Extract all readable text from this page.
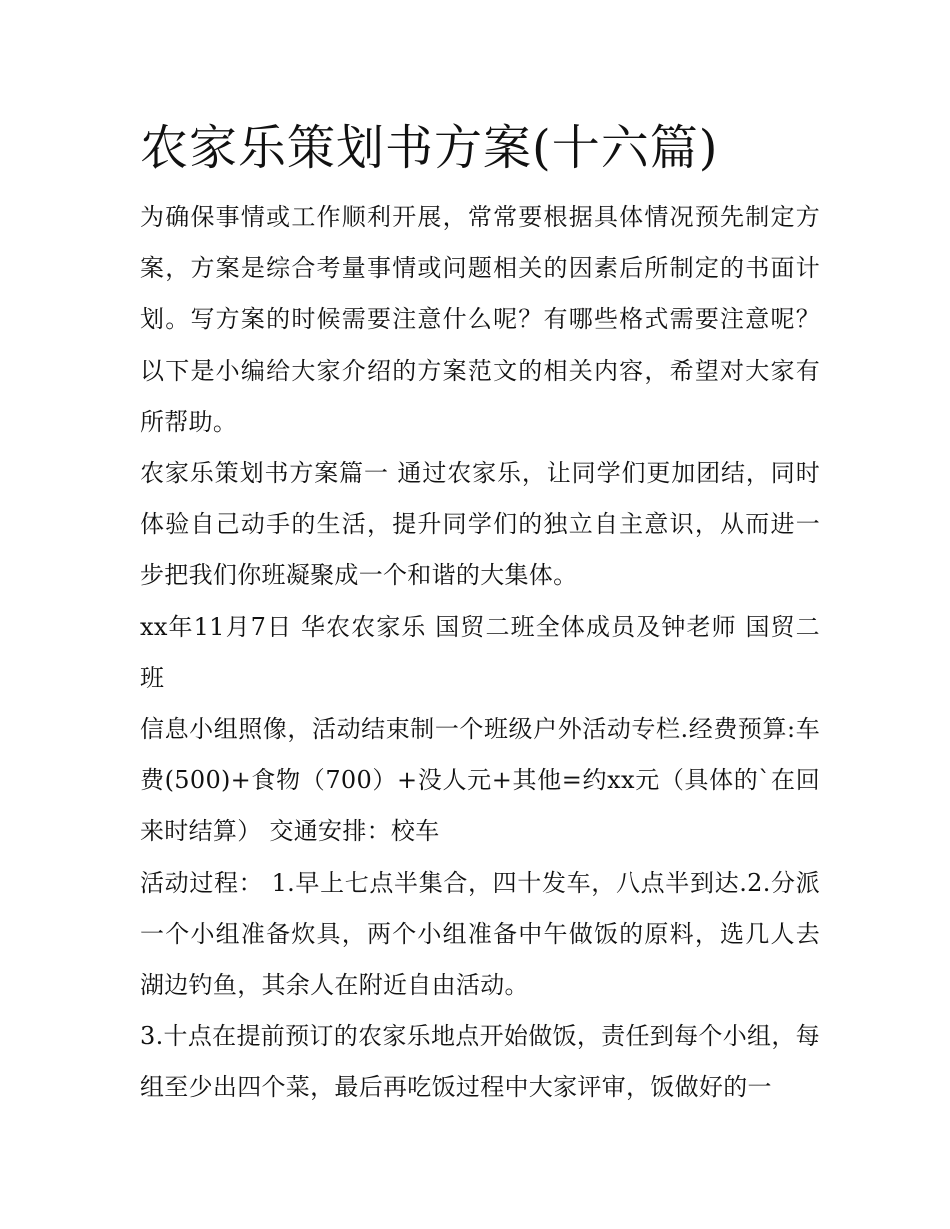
农家乐策划书方案(十六篇)

为确保事情或工作顺利开展，常常要根据具体情况预先制定方案，方案是综合考量事情或问题相关的因素后所制定的书面计划。写方案的时候需要注意什么呢？有哪些格式需要注意呢？以下是小编给大家介绍的方案范文的相关内容，希望对大家有所帮助。

农家乐策划书方案篇一 通过农家乐，让同学们更加团结，同时体验自己动手的生活，提升同学们的独立自主意识，从而进一步把我们你班凝聚成一个和谐的大集体。

xx年11月7日 华农农家乐 国贸二班全体成员及钟老师 国贸二班

信息小组照像，活动结束制一个班级户外活动专栏.经费预算:车费(500)+食物（700）+没人元+其他=约xx元（具体的`在回来时结算） 交通安排：校车

活动过程： 1.早上七点半集合，四十发车，八点半到达.2.分派一个小组准备炊具，两个小组准备中午做饭的原料，选几人去湖边钓鱼，其余人在附近自由活动。

3.十点在提前预订的农家乐地点开始做饭，责任到每个小组，每组至少出四个菜，最后再吃饭过程中大家评审，饭做好的一
